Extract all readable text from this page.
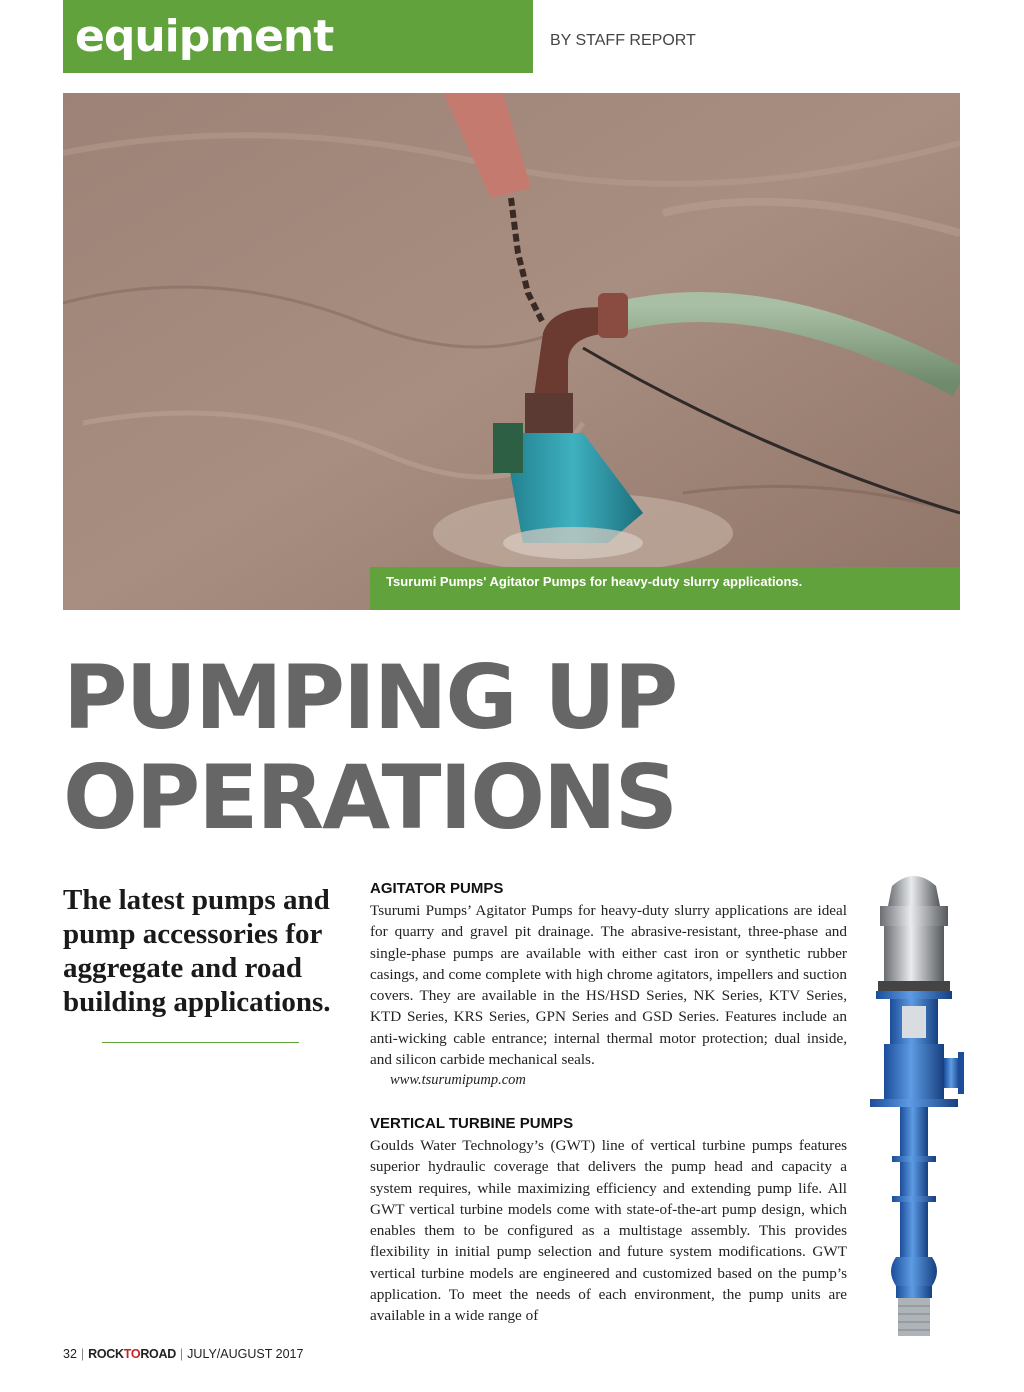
equipment	BY STAFF REPORT
Tsurumi Pumps' Agitator Pumps for heavy-duty slurry applications.
PUMPING UP
OPERATIONS
The latest pumps and pump accessories for aggregate and road building applications.
AGITATOR PUMPS

Tsurumi Pumps’ Agitator Pumps for heavy-duty slurry applications are ideal for quarry and gravel pit drainage. The abrasive-resistant, three-phase and single-phase pumps are available with either cast iron or synthetic rubber casings, and come complete with high chrome agitators, impellers and suction covers. They are available in the HS/HSD Series, NK Series, KTV Series, KTD Series, KRS Series, GPN Series and GSD Series. Features include an anti-wicking cable entrance; internal thermal motor protection; dual inside, and silicon carbide mechanical seals.

www.tsurumipump.com

VERTICAL TURBINE PUMPS

Goulds Water Technology’s (GWT) line of vertical turbine pumps features superior hydraulic coverage that delivers the pump head and capacity a system requires, while maximizing efficiency and extending pump life. All GWT vertical turbine models come with state-of-the-art pump design, which enables them to be configured as a multistage assembly. This provides flexibility in initial pump selection and future system modifications. GWT vertical turbine models are engineered and customized based on the pump’s application. To meet the needs of each environment, the pump units are available in a wide range of

32 | ROCKTOROAD | JULY/AUGUST 2017
